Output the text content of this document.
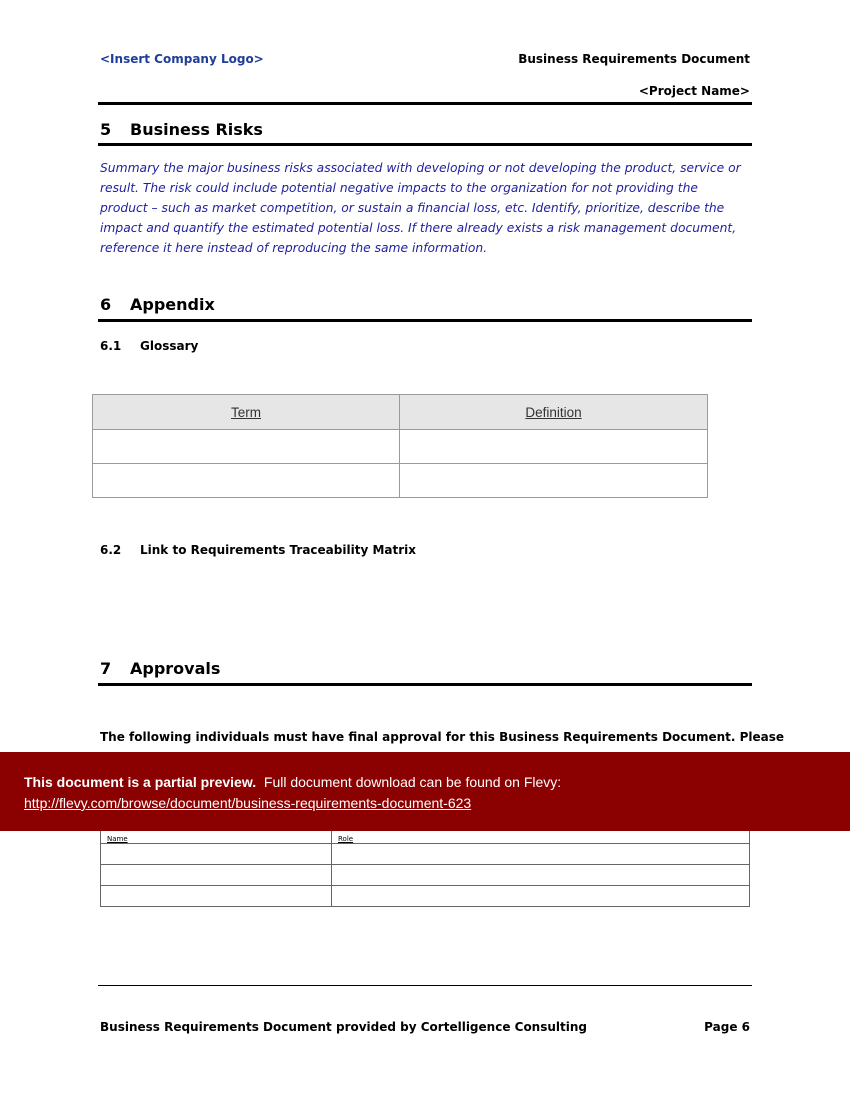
<Insert Company Logo>	Business Requirements Document
<Project Name>
5 Business Risks
Summary the major business risks associated with developing or not developing the product, service or
result. The risk could include potential negative impacts to the organization for not providing the
product – such as market competition, or sustain a financial loss, etc. Identify, prioritize, describe the
impact and quantify the estimated potential loss. If there already exists a risk management document,
reference it here instead of reproducing the same information.
6 Appendix
6.1 Glossary
Term	Definition

6.2 Link to Requirements Traceability Matrix
7 Approvals
The following individuals must have final approval for this Business Requirements Document. Please
Name	Role

This document is a partial preview. Full document download can be found on Flevy:
http://flevy.com/browse/document/business-requirements-document-623
Business Requirements Document provided by Cortelligence Consulting	Page 6
